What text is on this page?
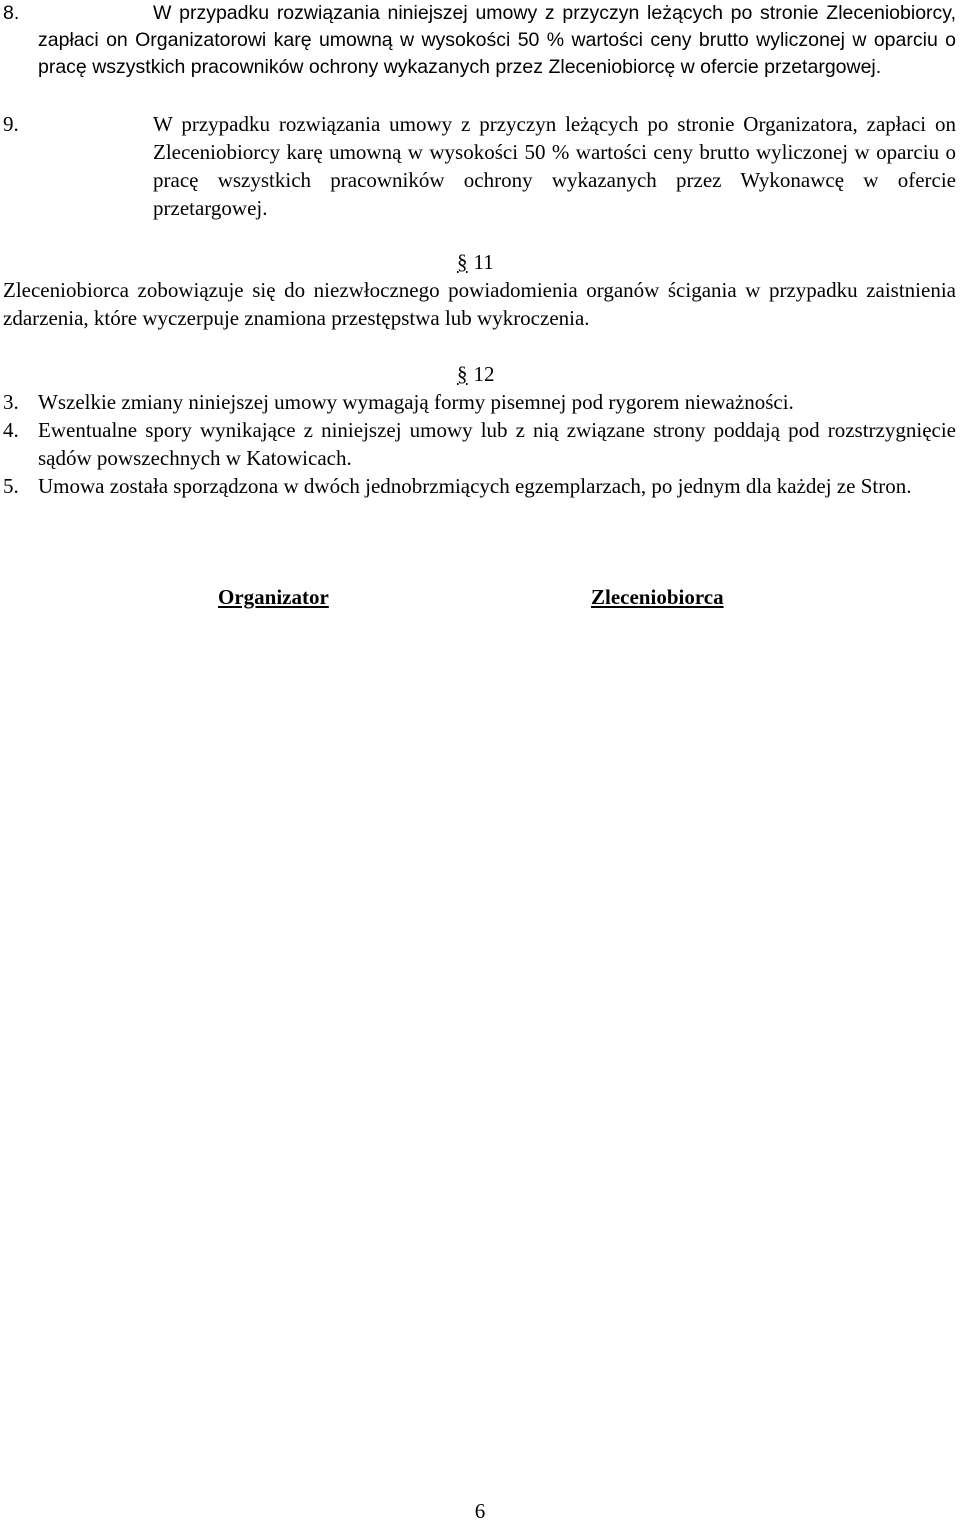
8.	W przypadku rozwiązania niniejszej umowy z przyczyn leżących po stronie Zleceniobiorcy, zapłaci on Organizatorowi karę umowną w wysokości 50 % wartości ceny brutto wyliczonej w oparciu o pracę wszystkich pracowników ochrony wykazanych przez Zleceniobiorcę w ofercie przetargowej.
9.	W przypadku rozwiązania umowy z przyczyn leżących po stronie Organizatora, zapłaci on Zleceniobiorcy karę umowną w wysokości 50 % wartości ceny brutto wyliczonej w oparciu o pracę wszystkich pracowników ochrony wykazanych przez Wykonawcę w ofercie przetargowej.
§ 11
Zleceniobiorca zobowiązuje się do niezwłocznego powiadomienia organów ścigania w przypadku zaistnienia zdarzenia, które wyczerpuje znamiona przestępstwa lub wykroczenia.
§ 12
3. Wszelkie zmiany niniejszej umowy wymagają formy pisemnej pod rygorem nieważności.
4. Ewentualne spory wynikające z niniejszej umowy lub z nią związane strony poddają pod rozstrzygnięcie sądów powszechnych w Katowicach.
5. Umowa została sporządzona w dwóch jednobrzmiących egzemplarzach, po jednym dla każdej ze Stron.
Organizator	Zleceniobiorca
6
